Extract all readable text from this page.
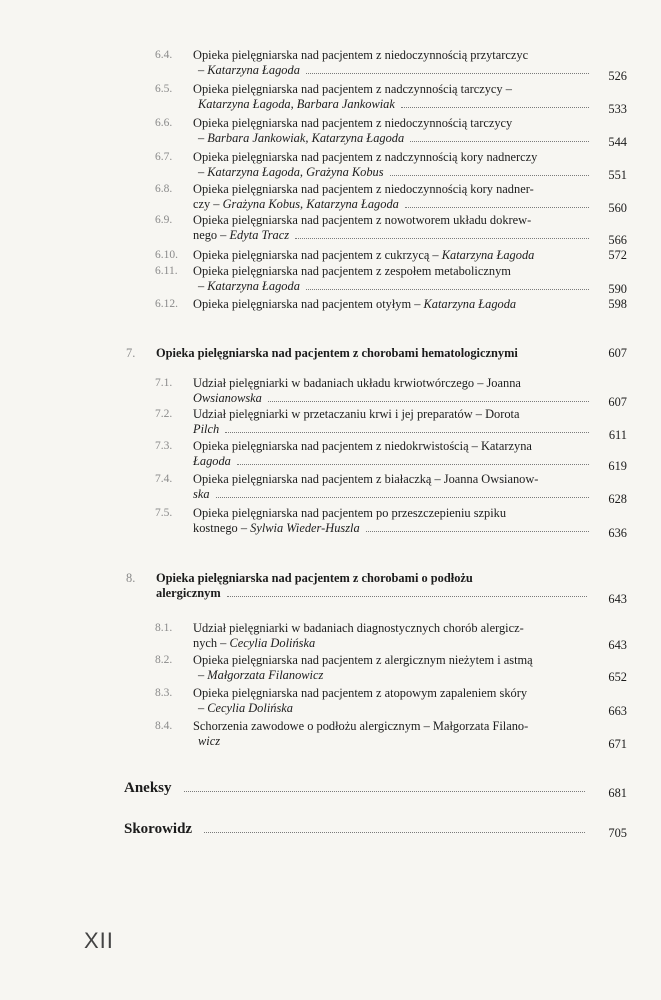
6.4. Opieka pielęgniarska nad pacjentem z niedoczynnością przytarczyc
– Katarzyna Łagoda	526
6.5. Opieka pielęgniarska nad pacjentem z nadczynnością tarczycy –
Katarzyna Łagoda, Barbara Jankowiak	533
6.6. Opieka pielęgniarska nad pacjentem z niedoczynnością tarczycy
– Barbara Jankowiak, Katarzyna Łagoda	544
6.7. Opieka pielęgniarska nad pacjentem z nadczynnością kory nadnerczy
– Katarzyna Łagoda, Grażyna Kobus	551
6.8. Opieka pielęgniarska nad pacjentem z niedoczynnością kory nadner-
czy – Grażyna Kobus, Katarzyna Łagoda	560
6.9. Opieka pielęgniarska nad pacjentem z nowotworem układu dokrew-
nego – Edyta Tracz	566
6.10. Opieka pielęgniarska nad pacjentem z cukrzycą – Katarzyna Łagoda	572
6.11. Opieka pielęgniarska nad pacjentem z zespołem metabolicznym
– Katarzyna Łagoda	590
6.12. Opieka pielęgniarska nad pacjentem otyłym – Katarzyna Łagoda	598
7. Opieka pielęgniarska nad pacjentem z chorobami hematologicznymi	607
7.1. Udział pielęgniarki w badaniach układu krwiotwórczego – Joanna
Owsianowska	607
7.2. Udział pielęgniarki w przetaczaniu krwi i jej preparatów – Dorota
Pilch	611
7.3. Opieka pielęgniarska nad pacjentem z niedokrwistością – Katarzyna
Łagoda	619
7.4. Opieka pielęgniarska nad pacjentem z białaczką – Joanna Owsianow-
ska	628
7.5. Opieka pielęgniarska nad pacjentem po przeszczepieniu szpiku
kostnego – Sylwia Wieder-Huszla	636
8. Opieka pielęgniarska nad pacjentem z chorobami o podłożu
alergicznym	643
8.1. Udział pielęgniarki w badaniach diagnostycznych chorób alergicz-
nych – Cecylia Dolińska	643
8.2. Opieka pielęgniarska nad pacjentem z alergicznym nieżytem i astmą
– Małgorzata Filanowicz	652
8.3. Opieka pielęgniarska nad pacjentem z atopowym zapaleniem skóry
– Cecylia Dolińska	663
8.4. Schorzenia zawodowe o podłożu alergicznym – Małgorzata Filano-
wicz	671
Aneksy	681
Skorowidz	705
XII
